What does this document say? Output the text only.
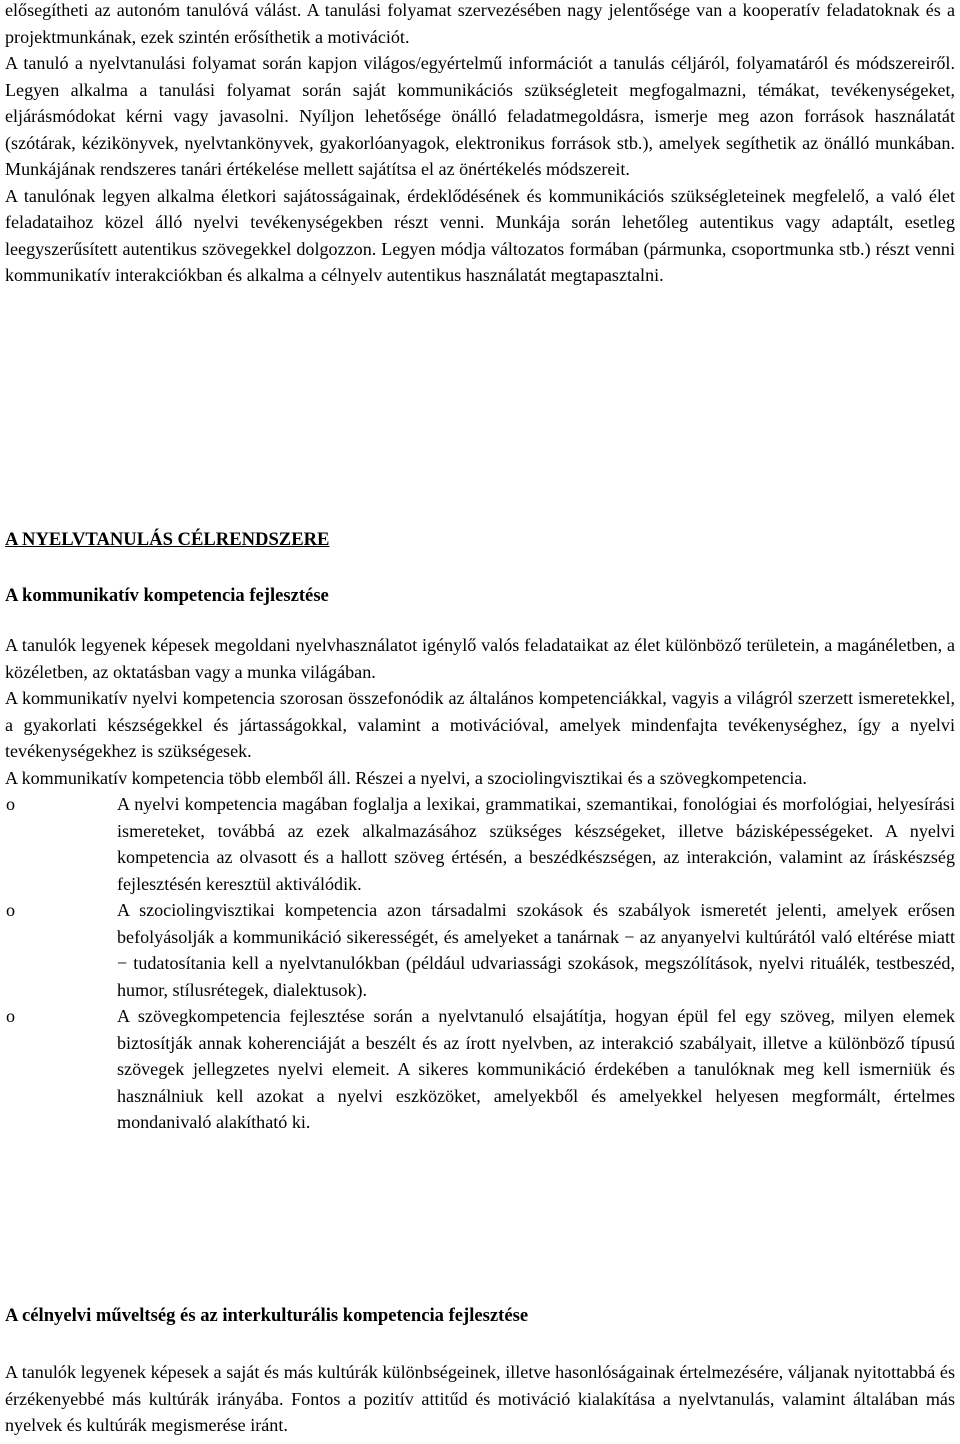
elősegítheti az autonóm tanulóvá válást. A tanulási folyamat szervezésében nagy jelentősége van a kooperatív feladatoknak és a projektmunkának, ezek szintén erősíthetik a motivációt.

A tanuló a nyelvtanulási folyamat során kapjon világos/egyértelmű információt a tanulás céljáról, folyamatáról és módszereiről. Legyen alkalma a tanulási folyamat során saját kommunikációs szükségleteit megfogalmazni, témákat, tevékenységeket, eljárásmódokat kérni vagy javasolni. Nyíljon lehetősége önálló feladatmegoldásra, ismerje meg azon források használatát (szótárak, kézikönyvek, nyelvtankönyvek, gyakorlóanyagok, elektronikus források stb.), amelyek segíthetik az önálló munkában. Munkájának rendszeres tanári értékelése mellett sajátítsa el az önértékelés módszereit.

A tanulónak legyen alkalma életkori sajátosságainak, érdeklődésének és kommunikációs szükségleteinek megfelelő, a való élet feladataihoz közel álló nyelvi tevékenységekben részt venni. Munkája során lehetőleg autentikus vagy adaptált, esetleg leegyszerűsített autentikus szövegekkel dolgozzon. Legyen módja változatos formában (pármunka, csoportmunka stb.) részt venni kommunikatív interakciókban és alkalma a célnyelv autentikus használatát megtapasztalni.

A NYELVTANULÁS CÉLRENDSZERE
A kommunikatív kompetencia fejlesztése

A tanulók legyenek képesek megoldani nyelvhasználatot igénylő valós feladataikat az élet különböző területein, a magánéletben, a közéletben, az oktatásban vagy a munka világában.

A kommunikatív nyelvi kompetencia szorosan összefonódik az általános kompetenciákkal, vagyis a világról szerzett ismeretekkel, a gyakorlati készségekkel és jártasságokkal, valamint a motivációval, amelyek mindenfajta tevékenységhez, így a nyelvi tevékenységekhez is szükségesek.

A kommunikatív kompetencia több elemből áll. Részei a nyelvi, a szociolingvisztikai és a szövegkompetencia.

o	A nyelvi kompetencia magában foglalja a lexikai, grammatikai, szemantikai, fonológiai és morfológiai, helyesírási ismereteket, továbbá az ezek alkalmazásához szükséges készségeket, illetve bázisképességeket. A nyelvi kompetencia az olvasott és a hallott szöveg értésén, a beszédkészségen, az interakción, valamint az íráskészség fejlesztésén keresztül aktiválódik.

o	A szociolingvisztikai kompetencia azon társadalmi szokások és szabályok ismeretét jelenti, amelyek erősen befolyásolják a kommunikáció sikerességét, és amelyeket a tanárnak − az anyanyelvi kultúrától való eltérése miatt − tudatosítania kell a nyelvtanulókban (például udvariassági szokások, megszólítások, nyelvi rituálék, testbeszéd, humor, stílusrétegek, dialektusok).

o	A szövegkompetencia fejlesztése során a nyelvtanuló elsajátítja, hogyan épül fel egy szöveg, milyen elemek biztosítják annak koherenciáját a beszélt és az írott nyelvben, az interakció szabályait, illetve a különböző típusú szövegek jellegzetes nyelvi elemeit. A sikeres kommunikáció érdekében a tanulóknak meg kell ismerniük és használniuk kell azokat a nyelvi eszközöket, amelyekből és amelyekkel helyesen megformált, értelmes mondanivaló alakítható ki.

A célnyelvi műveltség és az interkulturális kompetencia fejlesztése

A tanulók legyenek képesek a saját és más kultúrák különbségeinek, illetve hasonlóságainak értelmezésére, váljanak nyitottabbá és érzékenyebbé más kultúrák irányába. Fontos a pozitív attitűd és motiváció kialakítása a nyelvtanulás, valamint általában más nyelvek és kultúrák megismerése iránt.
